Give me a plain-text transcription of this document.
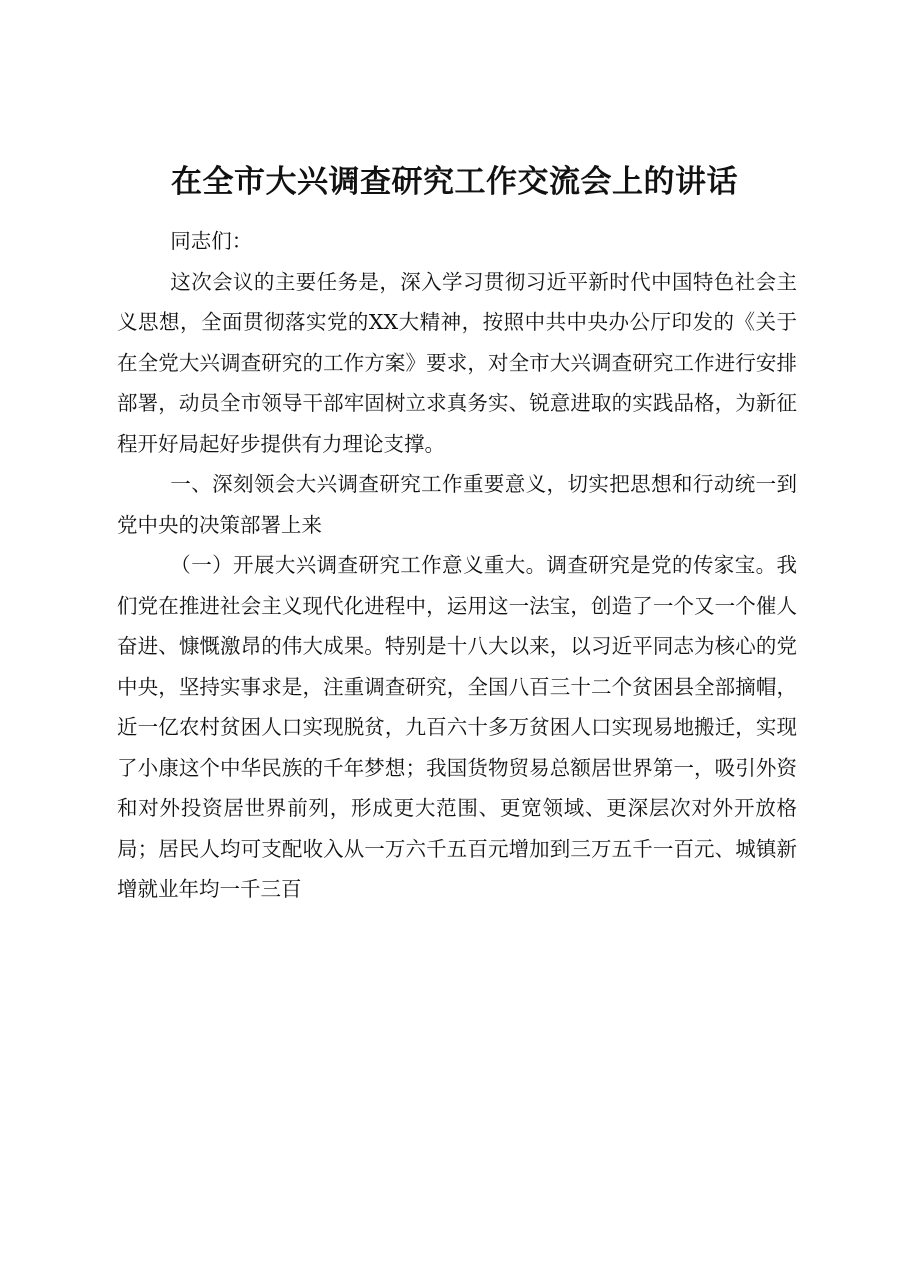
在全市大兴调查研究工作交流会上的讲话

同志们：

这次会议的主要任务是，深入学习贯彻习近平新时代中国特色社会主义思想，全面贯彻落实党的XX大精神，按照中共中央办公厅印发的《关于在全党大兴调查研究的工作方案》要求，对全市大兴调查研究工作进行安排部署，动员全市领导干部牢固树立求真务实、锐意进取的实践品格，为新征程开好局起好步提供有力理论支撑。

一、深刻领会大兴调查研究工作重要意义，切实把思想和行动统一到党中央的决策部署上来

（一）开展大兴调查研究工作意义重大。调查研究是党的传家宝。我们党在推进社会主义现代化进程中，运用这一法宝，创造了一个又一个催人奋进、慷慨激昂的伟大成果。特别是十八大以来，以习近平同志为核心的党中央，坚持实事求是，注重调查研究，全国八百三十二个贫困县全部摘帽，近一亿农村贫困人口实现脱贫，九百六十多万贫困人口实现易地搬迁，实现了小康这个中华民族的千年梦想；我国货物贸易总额居世界第一，吸引外资和对外投资居世界前列，形成更大范围、更宽领域、更深层次对外开放格局；居民人均可支配收入从一万六千五百元增加到三万五千一百元、城镇新增就业年均一千三百
